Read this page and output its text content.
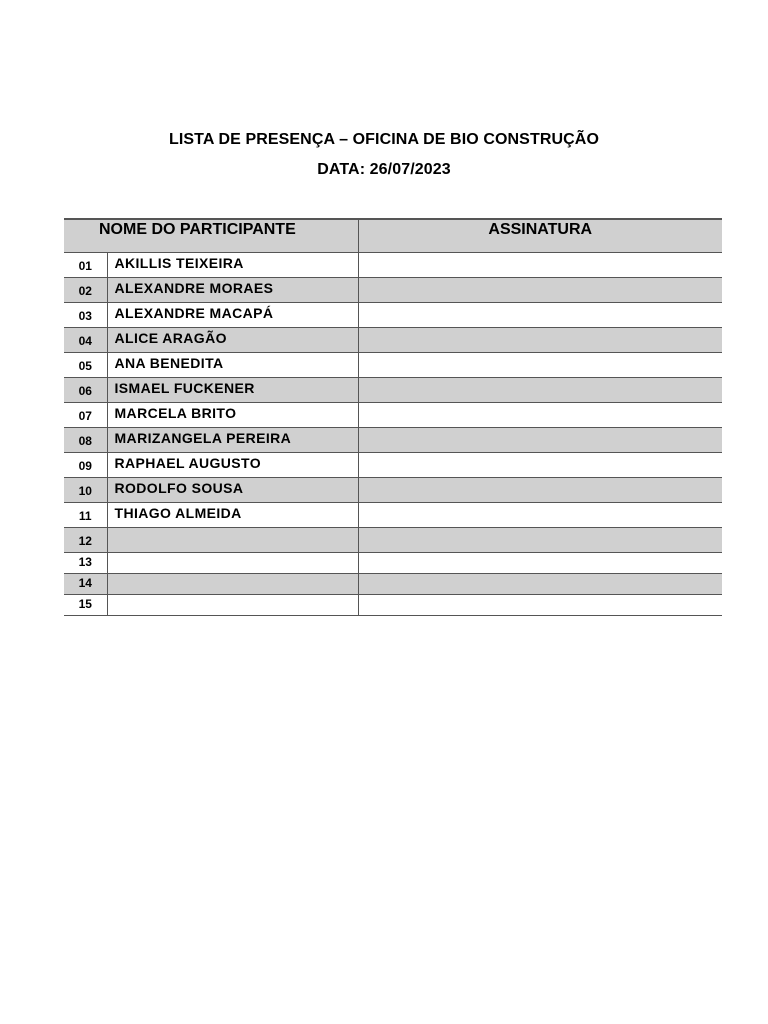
LISTA DE PRESENÇA – OFICINA DE BIO CONSTRUÇÃO
DATA: 26/07/2023
NOME DO PARTICIPANTE		ASSINATURA
01	AKILLIS TEIXEIRA	
02	ALEXANDRE MORAES	
03	ALEXANDRE MACAPÁ	
04	ALICE ARAGÃO	
05	ANA BENEDITA	
06	ISMAEL FUCKENER	
07	MARCELA BRITO	
08	MARIZANGELA PEREIRA	
09	RAPHAEL AUGUSTO	
10	RODOLFO SOUSA	
11	THIAGO ALMEIDA	
12		
13		
14		
15		
